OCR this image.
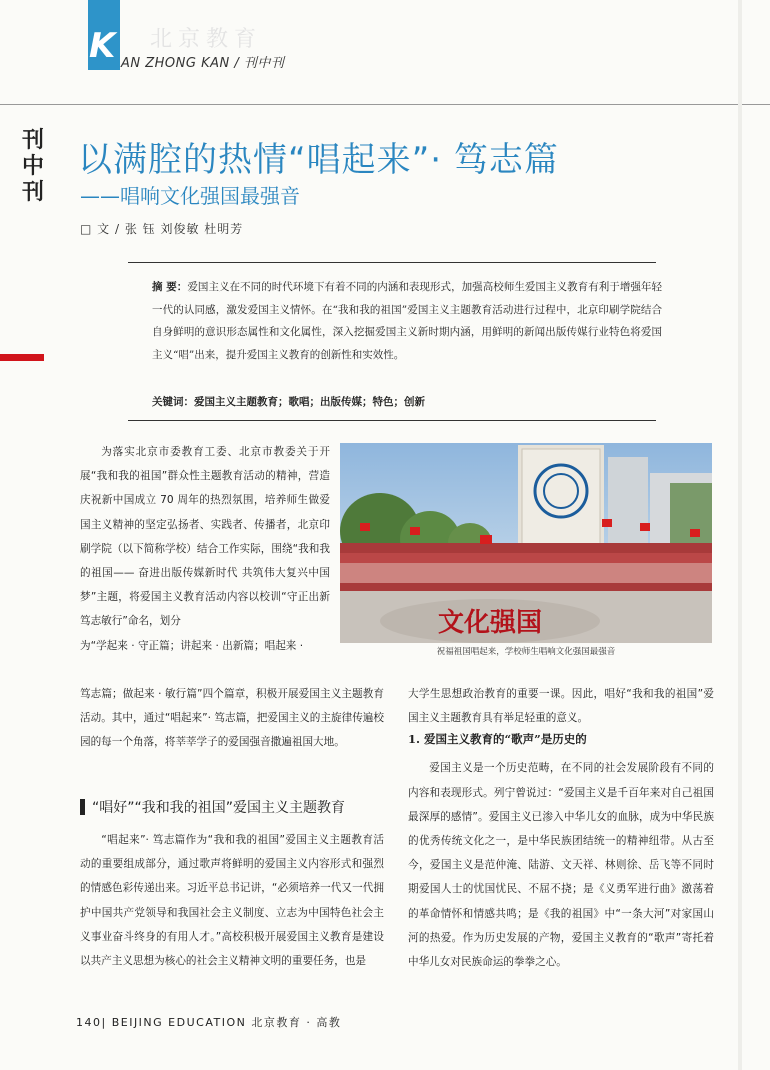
K 北京教育
AN ZHONG KAN / 刊中刊
刊中刊
以满腔的热情“唱起来”· 笃志篇
——唱响文化强国最强音
□ 文 / 张 钰 刘俊敏 杜明芳
摘 要：爱国主义在不同的时代环境下有着不同的内涵和表现形式，加强高校师生爱国主义教育有利于增强年轻一代的认同感，激发爱国主义情怀。在“我和我的祖国”爱国主义主题教育活动进行过程中，北京印刷学院结合自身鲜明的意识形态属性和文化属性，深入挖掘爱国主义新时期内涵，用鲜明的新闻出版传媒行业特色将爱国主义“唱”出来，提升爱国主义教育的创新性和实效性。
关键词：爱国主义主题教育；歌唱；出版传媒；特色；创新

为落实北京市委教育工委、北京市教委关于开展“我和我的祖国”群众性主题教育活动的精神，营造庆祝新中国成立 70 周年的热烈氛围，培养师生做爱国主义精神的坚定弘扬者、实践者、传播者，北京印刷学院（以下简称学校）结合工作实际，围绕“我和我的祖国—— 奋进出版传媒新时代 共筑伟大复兴中国梦”主题，将爱国主义教育活动内容以校训“守正出新 笃志敏行”命名，划分

为“学起来 · 守正篇；讲起来 · 出新篇；唱起来 ·

笃志篇；做起来 · 敏行篇”四个篇章，积极开展爱国主义主题教育活动。其中，通过“唱起来”· 笃志篇，把爱国主义的主旋律传遍校园的每一个角落，将莘莘学子的爱国强音撒遍祖国大地。

“唱好”“我和我的祖国”爱国主义主题教育

“唱起来”· 笃志篇作为“我和我的祖国”爱国主义主题教育活动的重要组成部分，通过歌声将鲜明的爱国主义内容形式和强烈的情感色彩传递出来。习近平总书记讲，“必须培养一代又一代拥护中国共产党领导和我国社会主义制度、立志为中国特色社会主义事业奋斗终身的有用人才。”高校积极开展爱国主义教育是建设以共产主义思想为核心的社会主义精神文明的重要任务，也是

大学生思想政治教育的重要一课。因此，唱好“我和我的祖国”爱国主义主题教育具有举足轻重的意义。

爱国主义是一个历史范畴，在不同的社会发展阶段有不同的内容和表现形式。列宁曾说过：“爱国主义是千百年来对自己祖国最深厚的感情”。爱国主义已渗入中华儿女的血脉，成为中华民族的优秀传统文化之一，是中华民族团结统一的精神纽带。从古至今，爱国主义是范仲淹、陆游、文天祥、林则徐、岳飞等不同时期爱国人士的忧国忧民、不屈不挠；是《义勇军进行曲》激荡着的革命情怀和情感共鸣；是《我的祖国》中“一条大河”对家国山河的热爱。作为历史发展的产物，爱国主义教育的“歌声”寄托着中华儿女对民族命运的拳拳之心。

1. 爱国主义教育的“歌声”是历史的
文化强国
祝福祖国唱起来，学校师生唱响文化强国最强音
140| BEIJING EDUCATION 北京教育 · 高教
